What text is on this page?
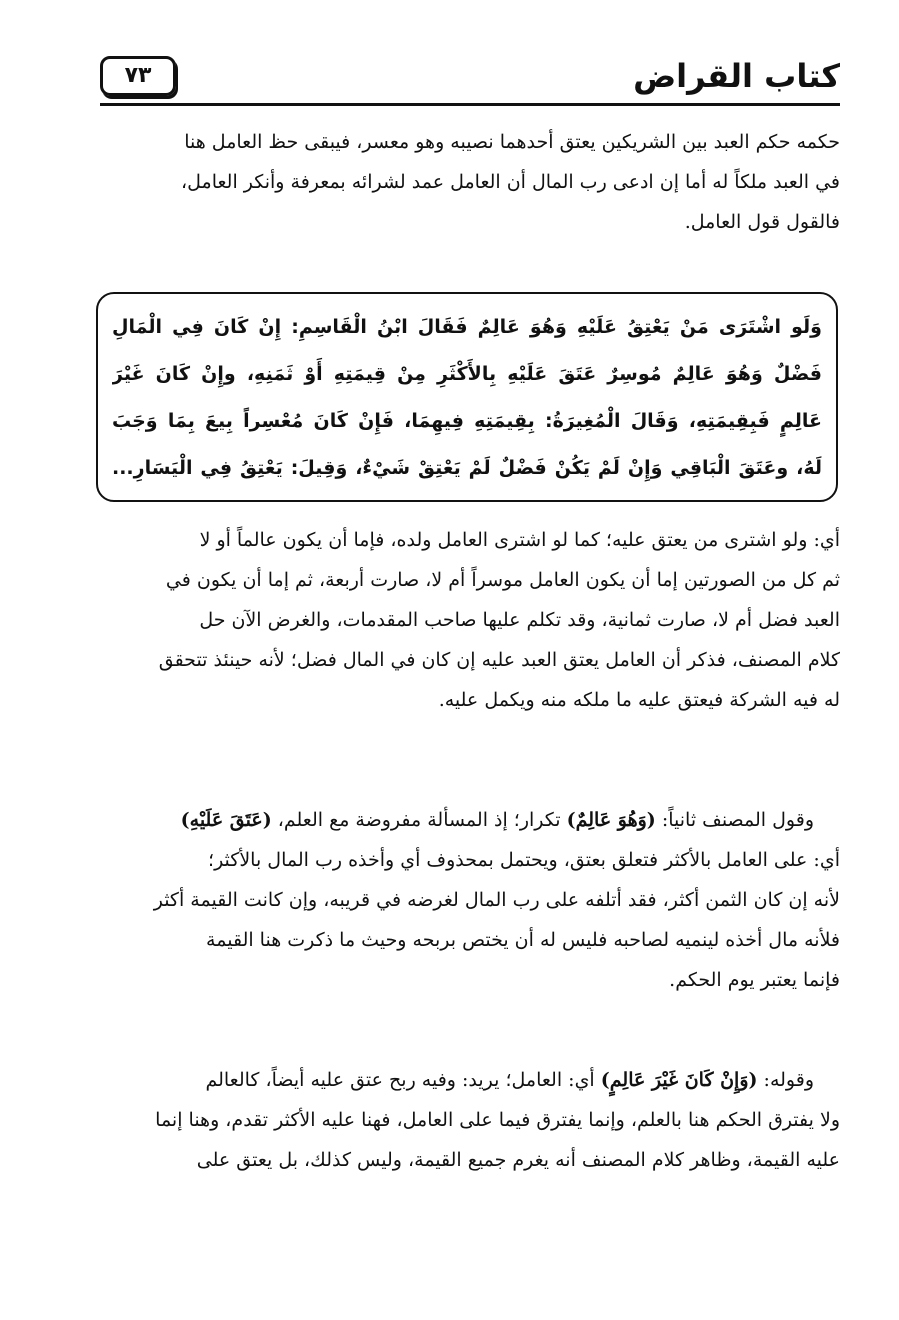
كتاب القراض
٧٣
حكمه حكم العبد بين الشريكين يعتق أحدهما نصيبه وهو معسر، فيبقى حظ العامل هنا
في العبد ملكاً له أما إن ادعى رب المال أن العامل عمد لشرائه بمعرفة وأنكر العامل،
فالقول قول العامل.
وَلَو اشْتَرَى مَنْ يَعْتِقُ عَلَيْهِ وَهُوَ عَالِمٌ فَقَالَ ابْنُ الْقَاسِمِ: إِنْ كَانَ فِي الْمَالِ
فَضْلٌ وَهُوَ عَالِمٌ مُوسِرٌ عَتَقَ عَلَيْهِ بِالأَكْثَرِ مِنْ قِيمَتِهِ أَوْ ثَمَنِهِ، وإِنْ كَانَ غَيْرَ
عَالِمٍ فَبِقِيمَتِهِ، وَقَالَ الْمُغِيرَةُ: بِقِيمَتِهِ فِيهِمَا، فَإِنْ كَانَ مُعْسِراً بِيعَ بِمَا وَجَبَ
لَهُ، وعَتَقَ الْبَاقِي وَإِنْ لَمْ يَكُنْ فَضْلٌ لَمْ يَعْتِقْ شَيْءٌ، وَقِيلَ: يَعْتِقُ فِي الْيَسَارِ...
أي: ولو اشترى من يعتق عليه؛ كما لو اشترى العامل ولده، فإما أن يكون عالماً أو لا
ثم كل من الصورتين إما أن يكون العامل موسراً أم لا، صارت أربعة، ثم إما أن يكون في
العبد فضل أم لا، صارت ثمانية، وقد تكلم عليها صاحب المقدمات، والغرض الآن حل
كلام المصنف، فذكر أن العامل يعتق العبد عليه إن كان في المال فضل؛ لأنه حينئذ تتحقق
له فيه الشركة فيعتق عليه ما ملكه منه ويكمل عليه.
وقول المصنف ثانياً: (وَهُوَ عَالِمٌ) تكرار؛ إذ المسألة مفروضة مع العلم، (عَتَقَ عَلَيْهِ)
أي: على العامل بالأكثر فتعلق بعتق، ويحتمل بمحذوف أي وأخذه رب المال بالأكثر؛
لأنه إن كان الثمن أكثر، فقد أتلفه على رب المال لغرضه في قريبه، وإن كانت القيمة أكثر
فلأنه مال أخذه لينميه لصاحبه فليس له أن يختص بربحه وحيث ما ذكرت هنا القيمة
فإنما يعتبر يوم الحكم.
وقوله: (وَإِنْ كَانَ غَيْرَ عَالِمٍ) أي: العامل؛ يريد: وفيه ربح عتق عليه أيضاً، كالعالم
ولا يفترق الحكم هنا بالعلم، وإنما يفترق فيما على العامل، فهنا عليه الأكثر تقدم، وهنا إنما
عليه القيمة، وظاهر كلام المصنف أنه يغرم جميع القيمة، وليس كذلك، بل يعتق على
